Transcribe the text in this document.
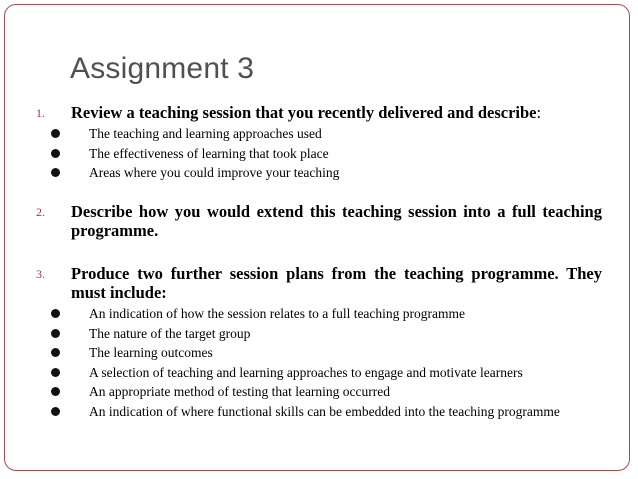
Assignment 3
1. Review a teaching session that you recently delivered and describe:
The teaching and learning approaches used
The effectiveness of learning that took place
Areas where you could improve your teaching
2. Describe how you would extend this teaching session into a full teaching programme.
3. Produce two further session plans from the teaching programme. They must include:
An indication of how the session relates to a full teaching programme
The nature of the target group
The learning outcomes
A selection of teaching and learning approaches to engage and motivate learners
An appropriate method of testing that learning occurred
An indication of where functional skills can be embedded into the teaching programme
